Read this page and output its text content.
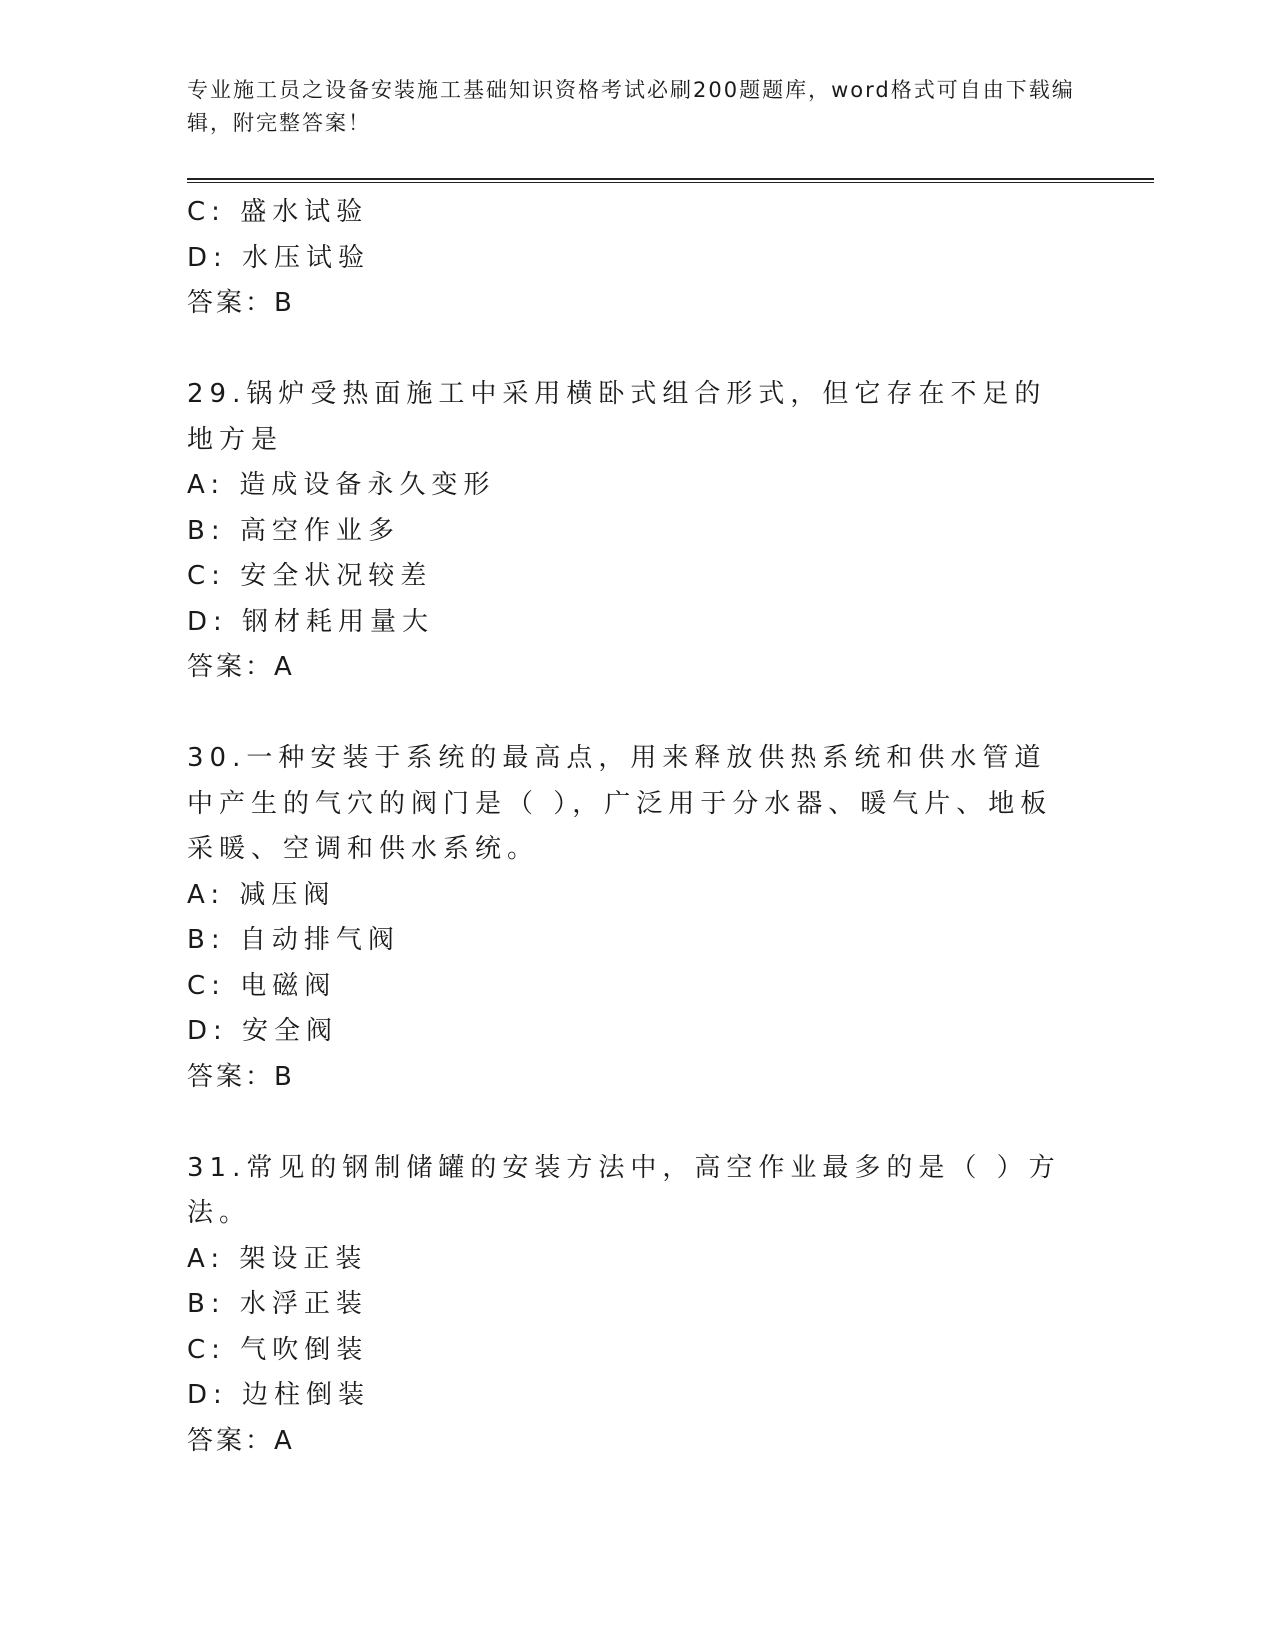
专业施工员之设备安装施工基础知识资格考试必刷200题题库，word格式可自由下载编辑，附完整答案！

C: 盛水试验
D: 水压试验
答案：B
29.锅炉受热面施工中采用横卧式组合形式，但它存在不足的地方是
A: 造成设备永久变形
B: 高空作业多
C: 安全状况较差
D: 钢材耗用量大
答案：A
30.一种安装于系统的最高点，用来释放供热系统和供水管道中产生的气穴的阀门是（ ），广泛用于分水器、暖气片、地板采暖、空调和供水系统。
A: 减压阀
B: 自动排气阀
C: 电磁阀
D: 安全阀
答案：B
31.常见的钢制储罐的安装方法中，高空作业最多的是（ ）方法。
A: 架设正装
B: 水浮正装
C: 气吹倒装
D: 边柱倒装
答案：A
